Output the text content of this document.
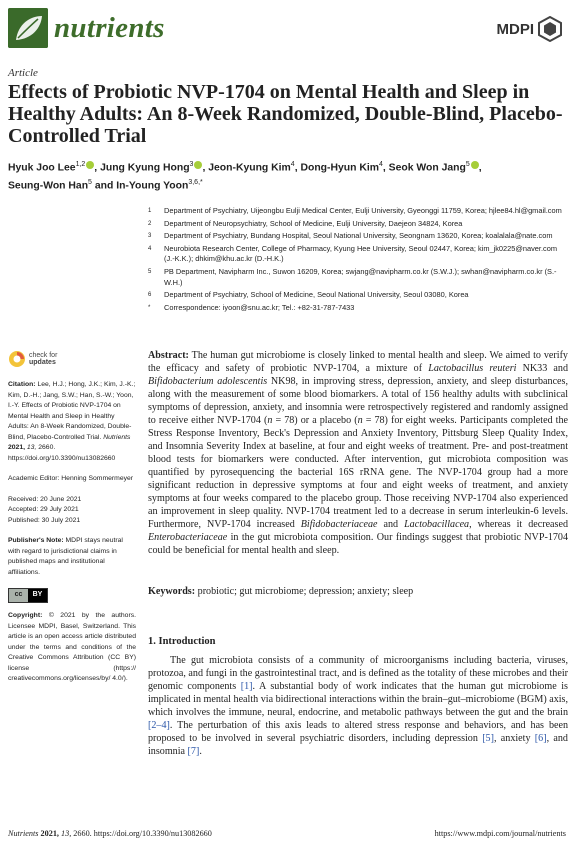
nutrients	MDPI
Article
Effects of Probiotic NVP-1704 on Mental Health and Sleep in Healthy Adults: An 8-Week Randomized, Double-Blind, Placebo-Controlled Trial
Hyuk Joo Lee$^{1,2}$ , Jung Kyung Hong$^3$ , Jeon-Kyung Kim$^4$, Dong-Hyun Kim$^4$, Seok Won Jang$^5$ ,
Seung-Won Han$^5$ and In-Young Yoon$^{3,6,*}$
1 Department of Psychiatry, Uijeongbu Eulji Medical Center, Eulji University, Gyeonggi 11759, Korea; hjlee84.hl@gmail.com
2 Department of Neuropsychiatry, School of Medicine, Eulji University, Daejeon 34824, Korea
3 Department of Psychiatry, Bundang Hospital, Seoul National University, Seongnam 13620, Korea; koalalala@nate.com
4 Neurobiota Research Center, College of Pharmacy, Kyung Hee University, Seoul 02447, Korea; kim_jk0225@naver.com (J.-K.K.); dhkim@khu.ac.kr (D.-H.K.)
5 PB Department, Navipharm Inc., Suwon 16209, Korea; swjang@navipharm.co.kr (S.W.J.); swhan@navipharm.co.kr (S.-W.H.)
6 Department of Psychiatry, School of Medicine, Seoul National University, Seoul 03080, Korea
* Correspondence: iyoon@snu.ac.kr; Tel.: +82-31-787-7433
check for
updates
Citation: Lee, H.J.; Hong, J.K.; Kim, J.-K.; Kim, D.-H.; Jang, S.W.; Han, S.-W.; Yoon, I.-Y. Effects of Probiotic NVP-1704 on Mental Health and Sleep in Healthy Adults: An 8-Week Randomized, Double-Blind, Placebo-Controlled Trial. Nutrients 2021, 13, 2660. https://doi.org/10.3390/nu13082660
Academic Editor: Henning Sommermeyer
Received: 20 June 2021
Accepted: 29 July 2021
Published: 30 July 2021
Publisher's Note: MDPI stays neutral with regard to jurisdictional claims in published maps and institutional affiliations.
cc	BY
Copyright: © 2021 by the authors. Licensee MDPI, Basel, Switzerland. This article is an open access article distributed under the terms and conditions of the Creative Commons Attribution (CC BY) license (https:// creativecommons.org/licenses/by/ 4.0/).
Abstract: The human gut microbiome is closely linked to mental health and sleep. We aimed to verify the efficacy and safety of probiotic NVP-1704, a mixture of Lactobacillus reuteri NK33 and Bifidobacterium adolescentis NK98, in improving stress, depression, anxiety, and sleep disturbances, along with the measurement of some blood biomarkers. A total of 156 healthy adults with subclinical symptoms of depression, anxiety, and insomnia were retrospectively registered and randomly assigned to receive either NVP-1704 (n = 78) or a placebo (n = 78) for eight weeks. Participants completed the Stress Response Inventory, Beck's Depression and Anxiety Inventory, Pittsburg Sleep Quality Index, and Insomnia Severity Index at baseline, at four and eight weeks of treatment. Pre- and post-treatment blood tests for biomarkers were conducted. After intervention, gut microbiota composition was quantified by pyrosequencing the bacterial 16S rRNA gene. The NVP-1704 group had a more significant reduction in depressive symptoms at four and eight weeks of treatment, and anxiety symptoms at four weeks compared to the placebo group. Those receiving NVP-1704 also experienced an improvement in sleep quality. NVP-1704 treatment led to a decrease in serum interleukin-6 levels. Furthermore, NVP-1704 increased Bifidobacteriaceae and Lactobacillacea, whereas it decreased Enterobacteriaceae in the gut microbiota composition. Our findings suggest that probiotic NVP-1704 could be beneficial for mental health and sleep.
Keywords: probiotic; gut microbiome; depression; anxiety; sleep
1. Introduction

The gut microbiota consists of a community of microorganisms including bacteria, viruses, protozoa, and fungi in the gastrointestinal tract, and is defined as the totality of these microbes and their genomic components [1]. A substantial body of work indicates that the human gut microbiome is implicated in mental health via bidirectional interactions within the brain–gut–microbiome (BGM) axis, which involves the immune, neural, endocrine, and metabolic pathways between the gut and the brain [2–4]. The perturbation of this axis leads to altered stress response and behaviors, and has been proposed to be involved in several psychiatric disorders, including depression [5], anxiety [6], and insomnia [7].

Nutrients 2021, 13, 2660. https://doi.org/10.3390/nu13082660	https://www.mdpi.com/journal/nutrients
